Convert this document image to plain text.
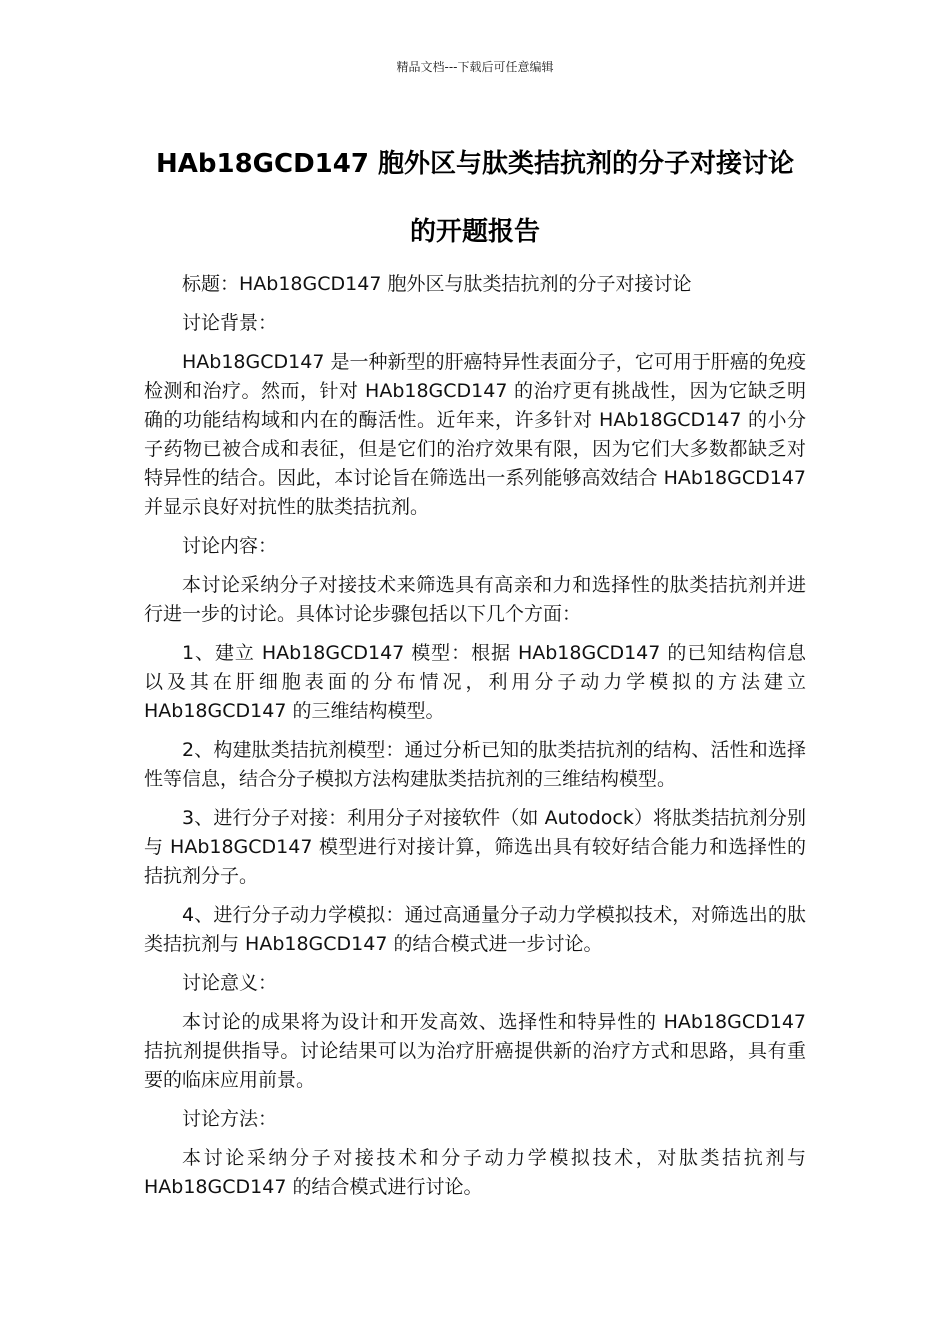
精品文档---下载后可任意编辑
HAb18GCD147 胞外区与肽类拮抗剂的分子对接讨论的开题报告

标题：HAb18GCD147 胞外区与肽类拮抗剂的分子对接讨论

讨论背景：

HAb18GCD147 是一种新型的肝癌特异性表面分子，它可用于肝癌的免疫检测和治疗。然而，针对 HAb18GCD147 的治疗更有挑战性，因为它缺乏明确的功能结构域和内在的酶活性。近年来，许多针对 HAb18GCD147 的小分子药物已被合成和表征，但是它们的治疗效果有限，因为它们大多数都缺乏对特异性的结合。因此，本讨论旨在筛选出一系列能够高效结合 HAb18GCD147 并显示良好对抗性的肽类拮抗剂。

讨论内容：

本讨论采纳分子对接技术来筛选具有高亲和力和选择性的肽类拮抗剂并进行进一步的讨论。具体讨论步骤包括以下几个方面：

1、建立 HAb18GCD147 模型：根据 HAb18GCD147 的已知结构信息以及其在肝细胞表面的分布情况，利用分子动力学模拟的方法建立 HAb18GCD147 的三维结构模型。

2、构建肽类拮抗剂模型：通过分析已知的肽类拮抗剂的结构、活性和选择性等信息，结合分子模拟方法构建肽类拮抗剂的三维结构模型。

3、进行分子对接：利用分子对接软件（如 Autodock）将肽类拮抗剂分别与 HAb18GCD147 模型进行对接计算，筛选出具有较好结合能力和选择性的拮抗剂分子。

4、进行分子动力学模拟：通过高通量分子动力学模拟技术，对筛选出的肽类拮抗剂与 HAb18GCD147 的结合模式进一步讨论。

讨论意义：

本讨论的成果将为设计和开发高效、选择性和特异性的 HAb18GCD147 拮抗剂提供指导。讨论结果可以为治疗肝癌提供新的治疗方式和思路，具有重要的临床应用前景。

讨论方法：

本讨论采纳分子对接技术和分子动力学模拟技术，对肽类拮抗剂与 HAb18GCD147 的结合模式进行讨论。
